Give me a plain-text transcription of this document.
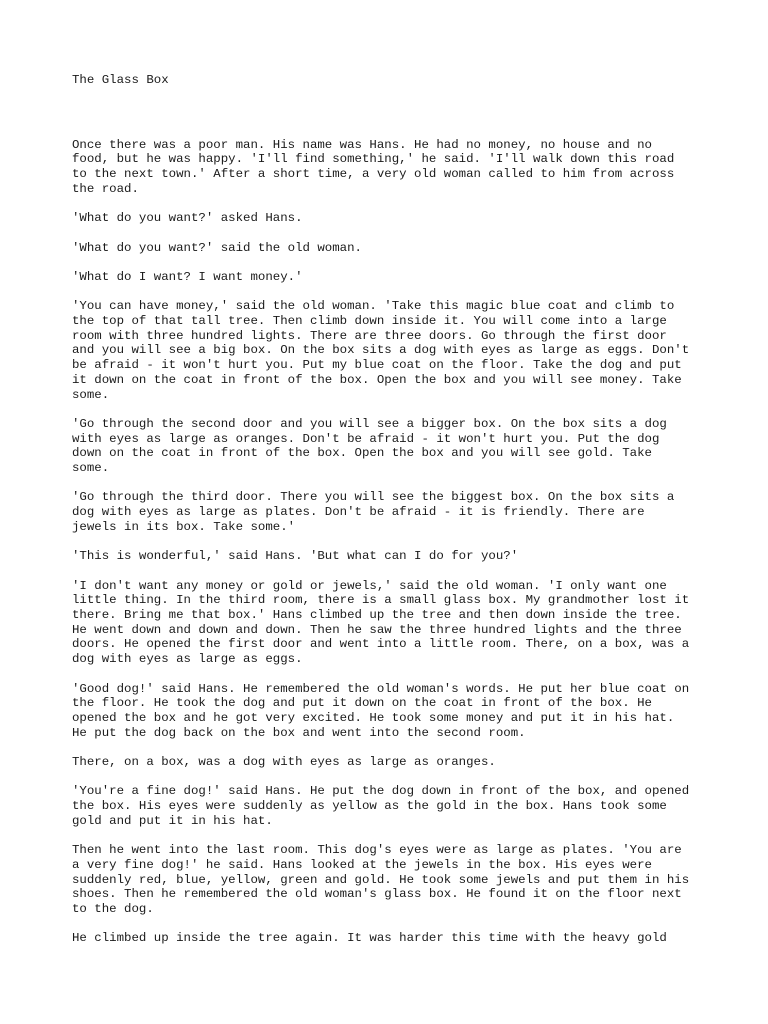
The Glass Box

Once there was a poor man. His name was Hans. He had no money, no house and no
food, but he was happy. 'I'll find something,' he said. 'I'll walk down this road
to the next town.' After a short time, a very old woman called to him from across
the road.

'What do you want?' asked Hans.

'What do you want?' said the old woman.

'What do I want? I want money.'

'You can have money,' said the old woman. 'Take this magic blue coat and climb to
the top of that tall tree. Then climb down inside it. You will come into a large
room with three hundred lights. There are three doors. Go through the first door
and you will see a big box. On the box sits a dog with eyes as large as eggs. Don't
be afraid - it won't hurt you. Put my blue coat on the floor. Take the dog and put
it down on the coat in front of the box. Open the box and you will see money. Take
some.

'Go through the second door and you will see a bigger box. On the box sits a dog
with eyes as large as oranges. Don't be afraid - it won't hurt you. Put the dog
down on the coat in front of the box. Open the box and you will see gold. Take
some.

'Go through the third door. There you will see the biggest box. On the box sits a
dog with eyes as large as plates. Don't be afraid - it is friendly. There are
jewels in its box. Take some.'

'This is wonderful,' said Hans. 'But what can I do for you?'

'I don't want any money or gold or jewels,' said the old woman. 'I only want one
little thing. In the third room, there is a small glass box. My grandmother lost it
there. Bring me that box.' Hans climbed up the tree and then down inside the tree.
He went down and down and down. Then he saw the three hundred lights and the three
doors. He opened the first door and went into a little room. There, on a box, was a
dog with eyes as large as eggs.

'Good dog!' said Hans. He remembered the old woman's words. He put her blue coat on
the floor. He took the dog and put it down on the coat in front of the box. He
opened the box and he got very excited. He took some money and put it in his hat.
He put the dog back on the box and went into the second room.

There, on a box, was a dog with eyes as large as oranges.

'You're a fine dog!' said Hans. He put the dog down in front of the box, and opened
the box. His eyes were suddenly as yellow as the gold in the box. Hans took some
gold and put it in his hat.

Then he went into the last room. This dog's eyes were as large as plates. 'You are
a very fine dog!' he said. Hans looked at the jewels in the box. His eyes were
suddenly red, blue, yellow, green and gold. He took some jewels and put them in his
shoes. Then he remembered the old woman's glass box. He found it on the floor next
to the dog.

He climbed up inside the tree again. It was harder this time with the heavy gold
